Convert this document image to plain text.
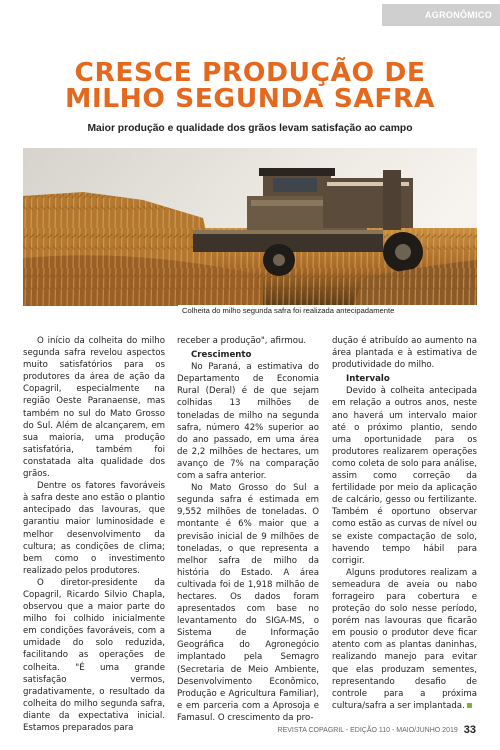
AGRONÔMICO
CRESCE PRODUÇÃO DE
MILHO SEGUNDA SAFRA

Maior produção e qualidade dos grãos levam satisfação ao campo

Colheita do milho segunda safra foi realizada antecipadamente

O início da colheita do milho segunda safra revelou aspectos muito satisfatórios para os produtores da área de ação da Copagril, especialmente na região Oeste Paranaense, mas também no sul do Mato Grosso do Sul. Além de alcançarem, em sua maioria, uma produção satisfatória, também foi constatada alta qualidade dos grãos.

Dentre os fatores favoráveis à safra deste ano estão o plantio antecipado das lavouras, que garantiu maior luminosidade e melhor desenvolvimento da cultura; as condições de clima; bem como o investimento realizado pelos produtores.

O diretor-presidente da Copagril, Ricardo Silvio Chapla, observou que a maior parte do milho foi colhido inicialmente em condições favoráveis, com a umidade do solo reduzida, facilitando as operações de colheita. "É uma grande satisfação vermos, gradativamente, o resultado da colheita do milho segunda safra, diante da expectativa inicial. Estamos preparados para

receber a produção", afirmou.

Crescimento

No Paraná, a estimativa do Departamento de Economia Rural (Deral) é de que sejam colhidas 13 milhões de toneladas de milho na segunda safra, número 42% superior ao do ano passado, em uma área de 2,2 milhões de hectares, um avanço de 7% na comparação com a safra anterior.

No Mato Grosso do Sul a segunda safra é estimada em 9,552 milhões de toneladas. O montante é 6% maior que a previsão inicial de 9 milhões de toneladas, o que representa a melhor safra de milho da história do Estado. A área cultivada foi de 1,918 milhão de hectares. Os dados foram apresentados com base no levantamento do SIGA-MS, o Sistema de Informação Geográfica do Agronegócio implantado pela Semagro (Secretaria de Meio Ambiente, Desenvolvimento Econômico, Produção e Agricultura Familiar), e em parceria com a Aprosoja e Famasul. O crescimento da pro-

dução é atribuído ao aumento na área plantada e à estimativa de produtividade do milho.

Intervalo

Devido à colheita antecipada em relação a outros anos, neste ano haverá um intervalo maior até o próximo plantio, sendo uma oportunidade para os produtores realizarem operações como coleta de solo para análise, assim como correção da fertilidade por meio da aplicação de calcário, gesso ou fertilizante. Também é oportuno observar como estão as curvas de nível ou se existe compactação de solo, havendo tempo hábil para corrigir.

Alguns produtores realizam a semeadura de aveia ou nabo forrageiro para cobertura e proteção do solo nesse período, porém nas lavouras que ficarão em pousio o produtor deve ficar atento com as plantas daninhas, realizando manejo para evitar que elas produzam sementes, representando desafio de controle para a próxima cultura/safra a ser implantada.

REVISTA COPAGRIL - EDIÇÃO 110 - MAIO/JUNHO 2019 33
